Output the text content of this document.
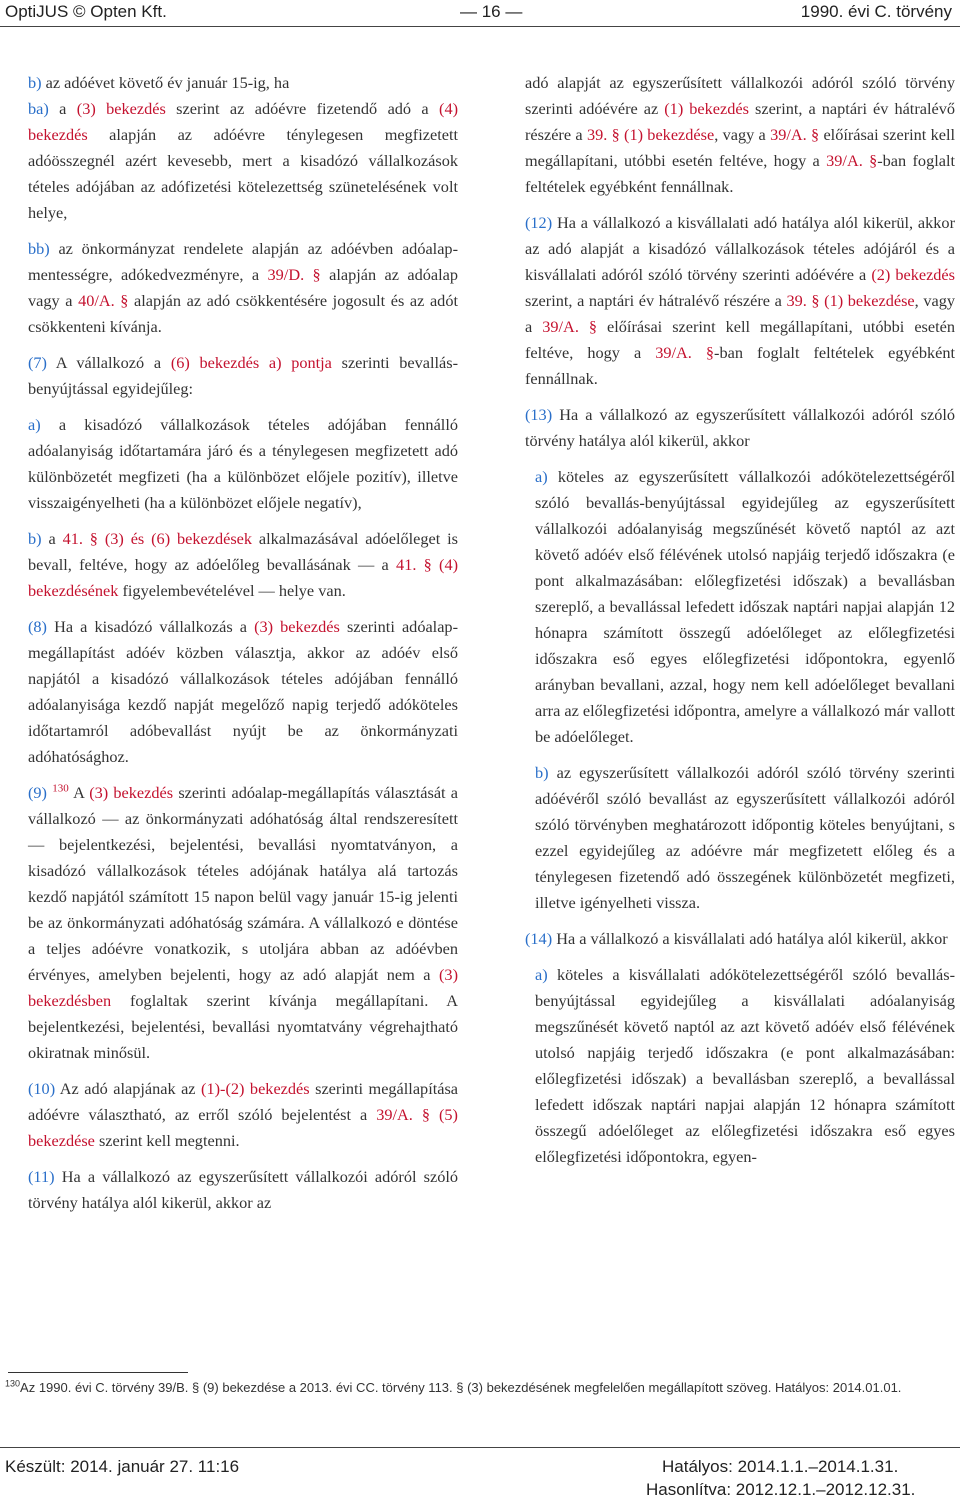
OptiJUS © Opten Kft.	— 16 —	1990. évi C. törvény

b) az adóévet követő év január 15-ig, ha

ba) a (3) bekezdés szerint az adóévre fizetendő adó a (4) bekezdés alapján az adóévre ténylegesen megfizetett adóösszegnél azért kevesebb, mert a kisadózó vállalkozások tételes adójában az adófizetési kötelezettség szünetelésének volt helye,

bb) az önkormányzat rendelete alapján az adóévben adóalap-mentességre, adókedvezményre, a 39/D. § alapján az adóalap vagy a 40/A. § alapján az adó csökkentésére jogosult és az adót csökkenteni kívánja.

(7) A vállalkozó a (6) bekezdés a) pontja szerinti bevallás-benyújtással egyidejűleg:

a) a kisadózó vállalkozások tételes adójában fennálló adóalanyiság időtartamára járó és a ténylegesen megfizetett adó különbözetét megfizeti (ha a különbözet előjele pozitív), illetve visszaigényelheti (ha a különbözet előjele negatív),

b) a 41. § (3) és (6) bekezdések alkalmazásával adóelőleget is bevall, feltéve, hogy az adóelőleg bevallásának — a 41. § (4) bekezdésének figyelembevételével — helye van.

(8) Ha a kisadózó vállalkozás a (3) bekezdés szerinti adóalap-megállapítást adóév közben választja, akkor az adóév első napjától a kisadózó vállalkozások tételes adójában fennálló adóalanyisága kezdő napját megelőző napig terjedő adóköteles időtartamról adóbevallást nyújt be az önkormányzati adóhatósághoz.

(9) $^{130}$ A (3) bekezdés szerinti adóalap-megállapítás választását a vállalkozó — az önkormányzati adóhatóság által rendszeresített — bejelentkezési, bejelentési, bevallási nyomtatványon, a kisadózó vállalkozások tételes adójának hatálya alá tartozás kezdő napjától számított 15 napon belül vagy január 15-ig jelenti be az önkormányzati adóhatóság számára. A vállalkozó e döntése a teljes adóévre vonatkozik, s utoljára abban az adóévben érvényes, amelyben bejelenti, hogy az adó alapját nem a (3) bekezdésben foglaltak szerint kívánja megállapítani. A bejelentkezési, bejelentési, bevallási nyomtatvány végrehajtható okiratnak minősül.

(10) Az adó alapjának az (1)-(2) bekezdés szerinti megállapítása adóévre választható, az erről szóló bejelentést a 39/A. § (5) bekezdése szerint kell megtenni.

(11) Ha a vállalkozó az egyszerűsített vállalkozói adóról szóló törvény hatálya alól kikerül, akkor az

adó alapját az egyszerűsített vállalkozói adóról szóló törvény szerinti adóévére az (1) bekezdés szerint, a naptári év hátralévő részére a 39. § (1) bekezdése, vagy a 39/A. § előírásai szerint kell megállapítani, utóbbi esetén feltéve, hogy a 39/A. §-ban foglalt feltételek egyébként fennállnak.

(12) Ha a vállalkozó a kisvállalati adó hatálya alól kikerül, akkor az adó alapját a kisadózó vállalkozások tételes adójáról és a kisvállalati adóról szóló törvény szerinti adóévére a (2) bekezdés szerint, a naptári év hátralévő részére a 39. § (1) bekezdése, vagy a 39/A. § előírásai szerint kell megállapítani, utóbbi esetén feltéve, hogy a 39/A. §-ban foglalt feltételek egyébként fennállnak.

(13) Ha a vállalkozó az egyszerűsített vállalkozói adóról szóló törvény hatálya alól kikerül, akkor

a) köteles az egyszerűsített vállalkozói adókötelezettségéről szóló bevallás-benyújtással egyidejűleg az egyszerűsített vállalkozói adóalanyiság megszűnését követő naptól az azt követő adóév első félévének utolsó napjáig terjedő időszakra (e pont alkalmazásában: előlegfizetési időszak) a bevallásban szereplő, a bevallással lefedett időszak naptári napjai alapján 12 hónapra számított összegű adóelőleget az előlegfizetési időszakra eső egyes előlegfizetési időpontokra, egyenlő arányban bevallani, azzal, hogy nem kell adóelőleget bevallani arra az előlegfizetési időpontra, amelyre a vállalkozó már vallott be adóelőleget.

b) az egyszerűsített vállalkozói adóról szóló törvény szerinti adóévéről szóló bevallást az egyszerűsített vállalkozói adóról szóló törvényben meghatározott időpontig köteles benyújtani, s ezzel egyidejűleg az adóévre már megfizetett előleg és a ténylegesen fizetendő adó összegének különbözetét megfizeti, illetve igényelheti vissza.

(14) Ha a vállalkozó a kisvállalati adó hatálya alól kikerül, akkor

a) köteles a kisvállalati adókötelezettségéről szóló bevallás-benyújtással egyidejűleg a kisvállalati adóalanyiság megszűnését követő naptól az azt követő adóév első félévének utolsó napjáig terjedő időszakra (e pont alkalmazásában: előlegfizetési időszak) a bevallásban szereplő, a bevallással lefedett időszak naptári napjai alapján 12 hónapra számított összegű adóelőleget az előlegfizetési időszakra eső egyes előlegfizetési időpontokra, egyen-

$^{130}$Az 1990. évi C. törvény 39/B. § (9) bekezdése a 2013. évi CC. törvény 113. § (3) bekezdésének megfelelően megállapított szöveg. Hatályos: 2014.01.01.
Készült: 2014. január 27. 11:16	Hatályos: 2014.1.1.–2014.1.31.
Hasonlítva: 2012.12.1.–2012.12.31.
